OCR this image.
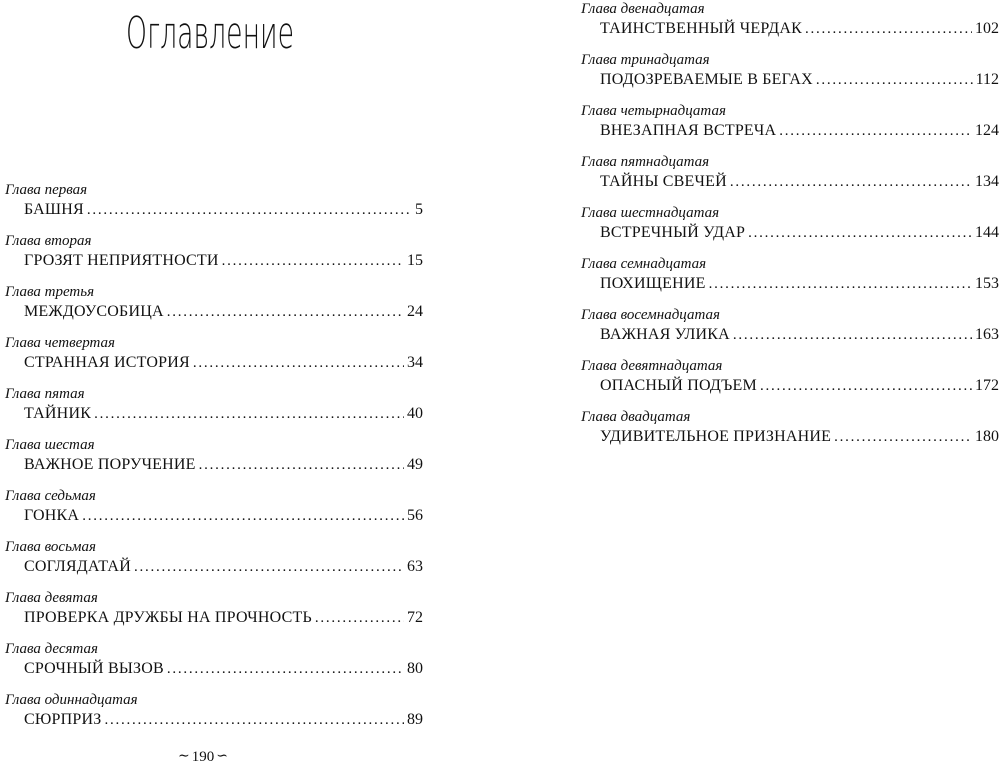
Оглавление
Глава первая
БАШНЯ . . .	5
Глава вторая
ГРОЗЯТ НЕПРИЯТНОСТИ . . .	15
Глава третья
МЕЖДОУСОБИЦА . . .	24
Глава четвертая
СТРАННАЯ ИСТОРИЯ . . .	34
Глава пятая
ТАЙНИК . . .	40
Глава шестая
ВАЖНОЕ ПОРУЧЕНИЕ . . .	49
Глава седьмая
ГОНКА . . .	56
Глава восьмая
СОГЛЯДАТАЙ . . .	63
Глава девятая
ПРОВЕРКА ДРУЖБЫ НА ПРОЧНОСТЬ . . .	72
Глава десятая
СРОЧНЫЙ ВЫЗОВ . . .	80
Глава одиннадцатая
СЮРПРИЗ . . .	89
Глава двенадцатая
ТАИНСТВЕННЫЙ ЧЕРДАК . . .	102
Глава тринадцатая
ПОДОЗРЕВАЕМЫЕ В БЕГАХ . . .	112
Глава четырнадцатая
ВНЕЗАПНАЯ ВСТРЕЧА . . .	124
Глава пятнадцатая
ТАЙНЫ СВЕЧЕЙ . . .	134
Глава шестнадцатая
ВСТРЕЧНЫЙ УДАР . . .	144
Глава семнадцатая
ПОХИЩЕНИЕ . . .	153
Глава восемнадцатая
ВАЖНАЯ УЛИКА . . .	163
Глава девятнадцатая
ОПАСНЫЙ ПОДЪЕМ . . .	172
Глава двадцатая
УДИВИТЕЛЬНОЕ ПРИЗНАНИЕ . . .	180
∼ 190 ∽
